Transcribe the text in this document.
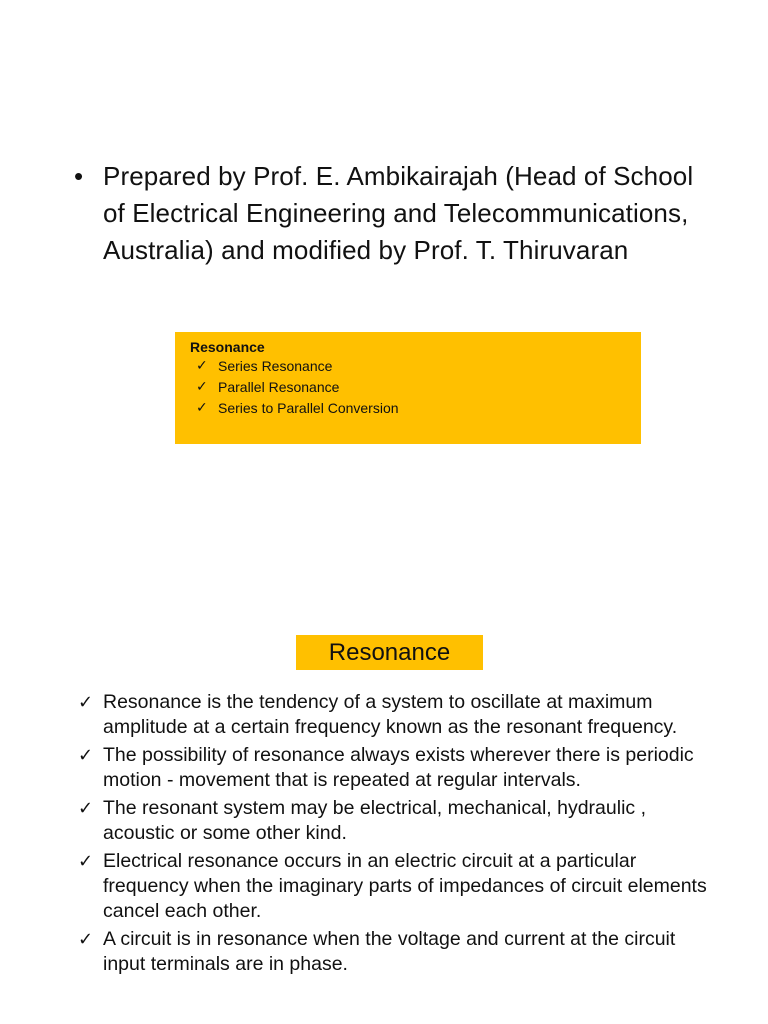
• Prepared by Prof. E. Ambikairajah (Head of School of Electrical Engineering and Telecommunications, Australia) and modified by Prof. T. Thiruvaran
Resonance
✓ Series Resonance
✓ Parallel Resonance
✓ Series to Parallel Conversion
Resonance
✓ Resonance is the tendency of a system to oscillate at maximum amplitude at a certain frequency known as the resonant frequency.
✓ The possibility of resonance always exists wherever there is periodic motion - movement that is repeated at regular intervals.
✓ The resonant system may be electrical, mechanical, hydraulic , acoustic or some other kind.
✓ Electrical resonance occurs in an electric circuit at a particular frequency when the imaginary parts of impedances of circuit elements cancel each other.
✓ A circuit is in resonance when the voltage and current at the circuit input terminals are in phase.
